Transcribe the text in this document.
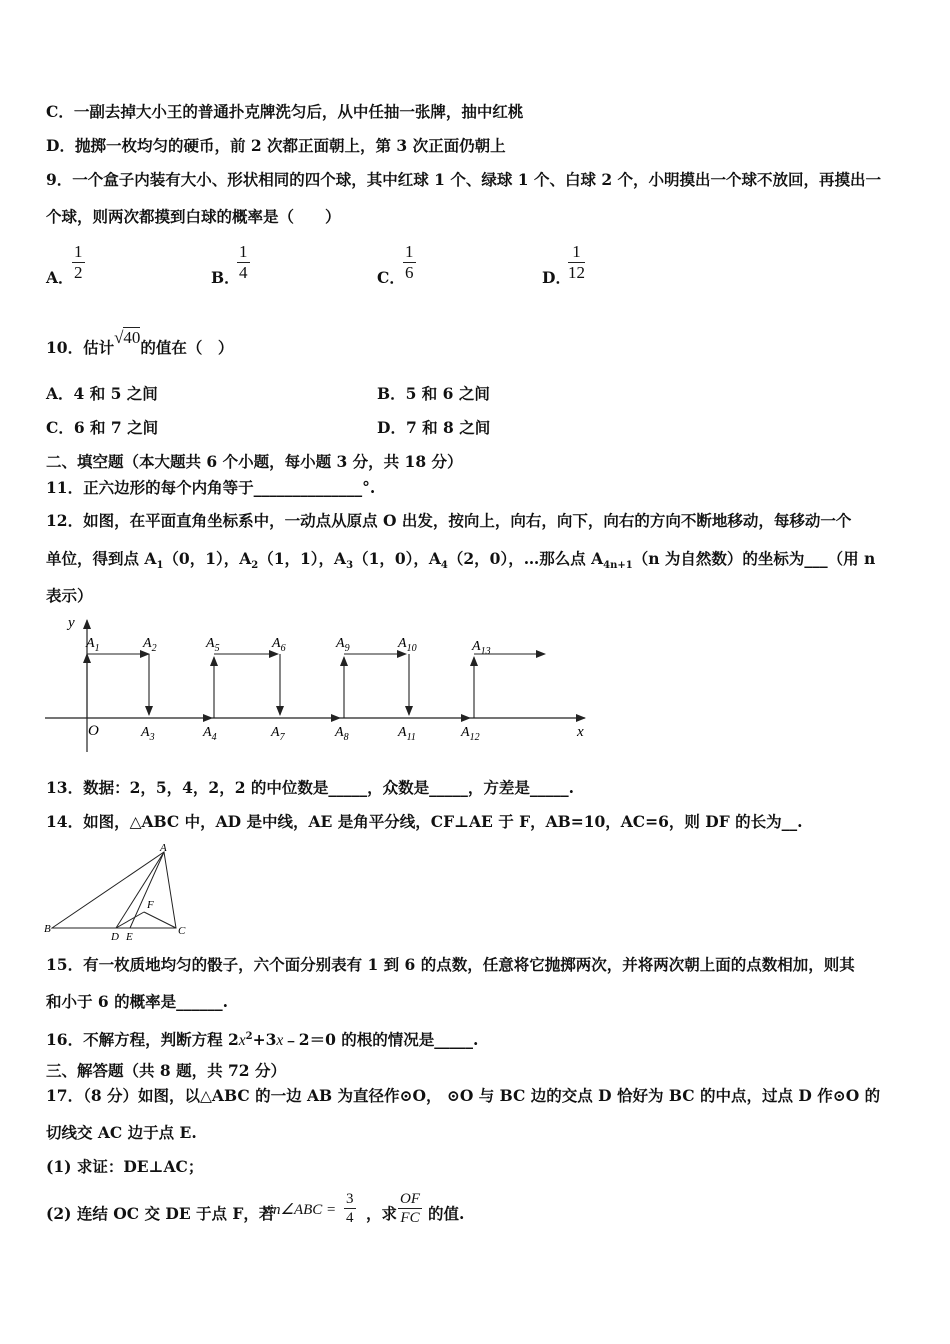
C．一副去掉大小王的普通扑克牌洗匀后，从中任抽一张牌，抽中红桃
D．抛掷一枚均匀的硬币，前 2 次都正面朝上，第 3 次正面仍朝上
9．一个盒子内装有大小、形状相同的四个球，其中红球 1 个、绿球 1 个、白球 2 个，小明摸出一个球不放回，再摸出一
个球，则两次都摸到白球的概率是（　　）
A．
$\frac{1}{2}$	B．
$\frac{1}{4}$	C．
$\frac{1}{6}$	D．
$\frac{1}{12}$
10．估计√40的值在（　）
A．4 和 5 之间	B．5 和 6 之间
C．6 和 7 之间	D．7 和 8 之间
二、填空题（本大题共 6 个小题，每小题 3 分，共 18 分）
11．正六边形的每个内角等于______________°.
12．如图，在平面直角坐标系中，一动点从原点 O 出发，按向上，向右，向下，向右的方向不断地移动，每移动一个
单位，得到点 $A_1(0$，1），$A_2(1$，1），$A_3(1$，0），$A_4(2$，0），…那么点 $A_{4n+1}(n$ 为自然数）的坐标为___（用 n
表示）
y
x
O
$A_1$	$A_2$	$A_5$	$A_6$	$A_9$	$A_{10}$	$A_{13}$
$A_3$	$A_4$	$A_7$	$A_8$	$A_{11}$	$A_{12}$
13．数据：2，5，4，2，2 的中位数是_____，众数是_____，方差是_____.
14．如图，△ABC 中，AD 是中线，AE 是角平分线，CF⊥AE 于 F，AB=10，AC=6，则 DF 的长为__.
A
B	C
D E
F
15．有一枚质地均匀的骰子，六个面分别表有 1 到 6 的点数，任意将它抛掷两次，并将两次朝上面的点数相加，则其
和小于 6 的概率是______.
16．不解方程，判断方程 $2x^2+3x﹣2=0$ 的根的情况是_____.
三、解答题（共 8 题，共 72 分）
17．（8 分）如图，以△ABC 的一边 AB 为直径作⊙O， ⊙O 与 BC 边的交点 D 恰好为 BC 的中点，过点 D 作⊙O 的
切线交 AC 边于点 E.
(1) 求证：DE⊥AC；
(2) 连结 OC 交 DE 于点 F，若
sin∠ABC = $\frac{3}{4}$ ，求 $\frac{OF}{FC}$ 的值.
